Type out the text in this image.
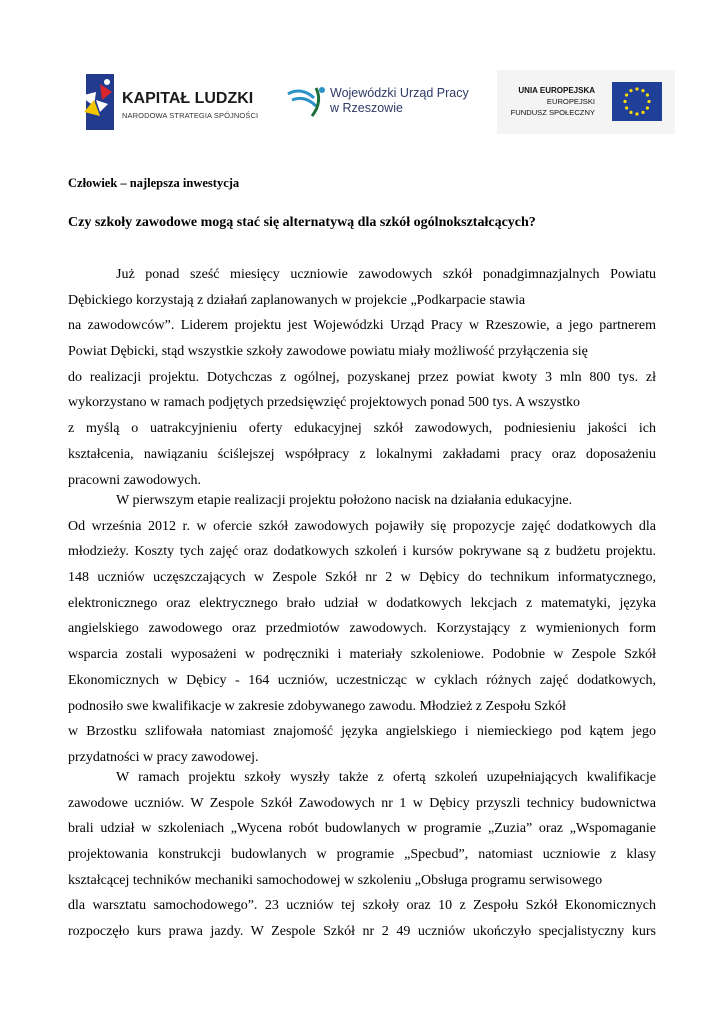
KAPITAŁ LUDZKI
NARODOWA STRATEGIA SPÓJNOŚCI
Wojewódzki Urząd Pracy
w Rzeszowie
UNIA EUROPEJSKA
EUROPEJSKI
FUNDUSZ SPOŁECZNY
Człowiek – najlepsza inwestycja
Czy szkoły zawodowe mogą stać się alternatywą dla szkół ogólnokształcących?
Już ponad sześć miesięcy uczniowie zawodowych szkół ponadgimnazjalnych Powiatu
Dębickiego korzystają z działań zaplanowanych w projekcie „Podkarpacie stawia
na zawodowców”. Liderem projektu jest Wojewódzki Urząd Pracy w Rzeszowie, a jego partnerem
Powiat Dębicki, stąd wszystkie szkoły zawodowe powiatu miały możliwość przyłączenia się
do realizacji projektu. Dotychczas z ogólnej, pozyskanej przez powiat kwoty 3 mln 800 tys. zł
wykorzystano w ramach podjętych przedsięwzięć projektowych ponad 500 tys. A wszystko
z myślą o uatrakcyjnieniu oferty edukacyjnej szkół zawodowych, podniesieniu jakości ich
kształcenia, nawiązaniu ściślejszej współpracy z lokalnymi zakładami pracy oraz doposażeniu
pracowni zawodowych.
W pierwszym etapie realizacji projektu położono nacisk na działania edukacyjne.
Od września 2012 r. w ofercie szkół zawodowych pojawiły się propozycje zajęć dodatkowych dla
młodzieży. Koszty tych zajęć oraz dodatkowych szkoleń i kursów pokrywane są z budżetu projektu.
148 uczniów uczęszczających w Zespole Szkół nr 2 w Dębicy do technikum informatycznego,
elektronicznego oraz elektrycznego brało udział w dodatkowych lekcjach z matematyki, języka
angielskiego zawodowego oraz przedmiotów zawodowych. Korzystający z wymienionych form
wsparcia zostali wyposażeni w podręczniki i materiały szkoleniowe. Podobnie w Zespole Szkół
Ekonomicznych w Dębicy - 164 uczniów, uczestnicząc w cyklach różnych zajęć dodatkowych,
podnosiło swe kwalifikacje w zakresie zdobywanego zawodu. Młodzież z Zespołu Szkół
w Brzostku szlifowała natomiast znajomość języka angielskiego i niemieckiego pod kątem jego
przydatności w pracy zawodowej.
W ramach projektu szkoły wyszły także z ofertą szkoleń uzupełniających kwalifikacje
zawodowe uczniów. W Zespole Szkół Zawodowych nr 1 w Dębicy przyszli technicy budownictwa
brali udział w szkoleniach „Wycena robót budowlanych w programie „Zuzia” oraz „Wspomaganie
projektowania konstrukcji budowlanych w programie „Specbud”, natomiast uczniowie z klasy
kształcącej techników mechaniki samochodowej w szkoleniu „Obsługa programu serwisowego
dla warsztatu samochodowego”. 23 uczniów tej szkoły oraz 10 z Zespołu Szkół Ekonomicznych
rozpoczęło kurs prawa jazdy. W Zespole Szkół nr 2 49 uczniów ukończyło specjalistyczny kurs
